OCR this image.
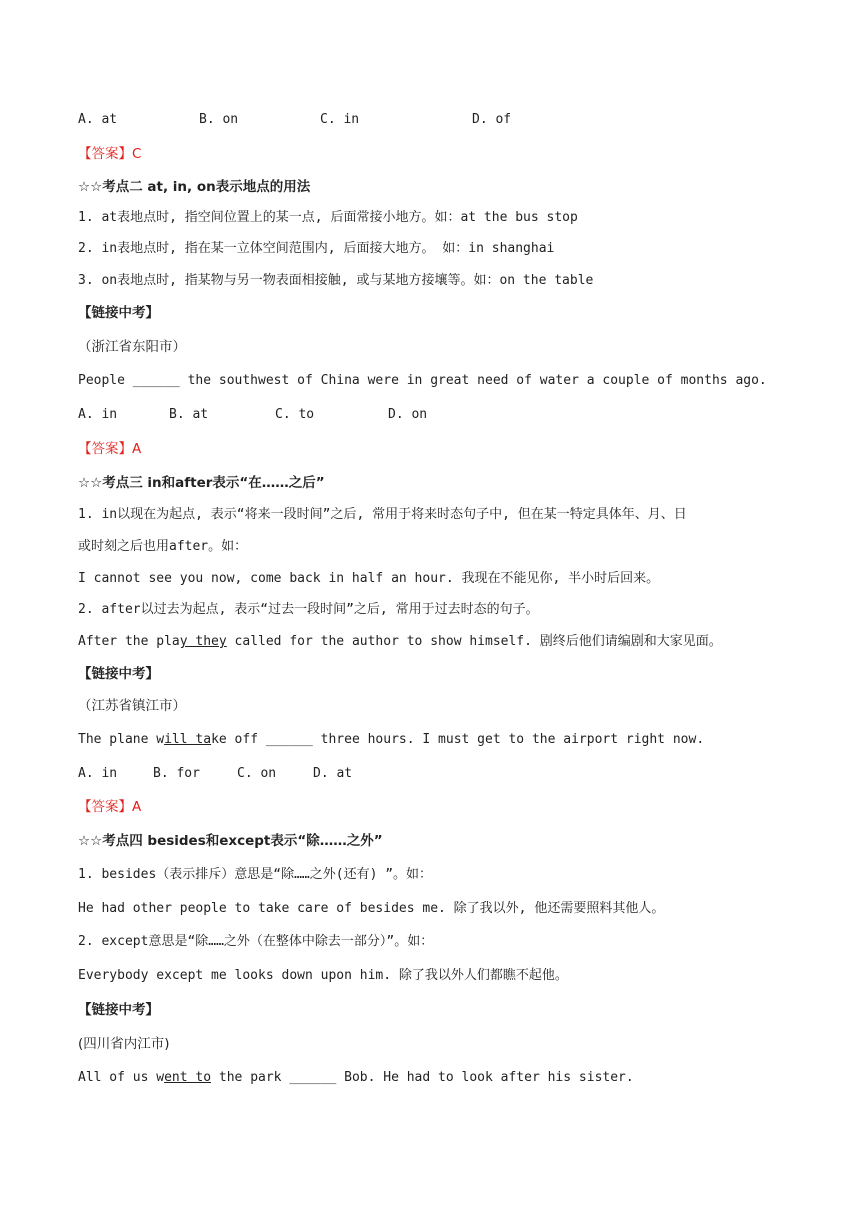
A. at	B. on	C. in	D. of
【答案】C
☆☆考点二 at, in, on表示地点的用法
1. at表地点时, 指空间位置上的某一点, 后面常接小地方。如：at the bus stop
2. in表地点时, 指在某一立体空间范围内, 后面接大地方。 如：in shanghai
3. on表地点时, 指某物与另一物表面相接触, 或与某地方接壤等。如：on the table
【链接中考】
（浙江省东阳市）
People ______ the southwest of China were in great need of water a couple of months ago.
A. in	B. at	C. to	D. on
【答案】A
☆☆考点三 in和after表示“在……之后”
1. in以现在为起点, 表示“将来一段时间”之后, 常用于将来时态句子中, 但在某一特定具体年、月、日
或时刻之后也用after。如：
I cannot see you now, come back in half an hour. 我现在不能见你, 半小时后回来。
2. after以过去为起点, 表示“过去一段时间”之后, 常用于过去时态的句子。
After the play they called for the author to show himself. 剧终后他们请编剧和大家见面。
【链接中考】
（江苏省镇江市）
The plane will take off ______ three hours. I must get to the airport right now.
A. in	B. for	C. on	D. at
【答案】A
☆☆考点四 besides和except表示“除……之外”
1. besides（表示排斥）意思是“除……之外(还有) ”。如：
He had other people to take care of besides me. 除了我以外, 他还需要照料其他人。
2. except意思是“除……之外（在整体中除去一部分）”。如：
Everybody except me looks down upon him. 除了我以外人们都瞧不起他。
【链接中考】
(四川省内江市)
All of us went to the park ______ Bob. He had to look after his sister.
